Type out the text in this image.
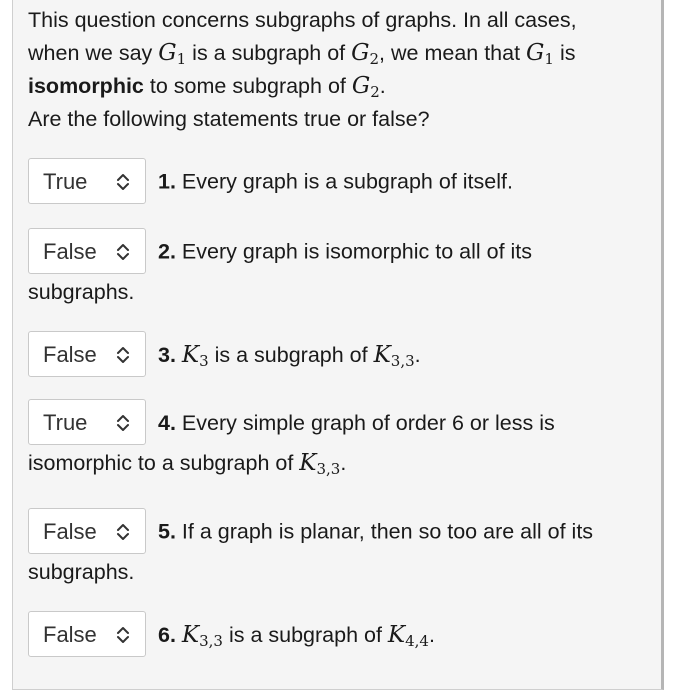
This question concerns subgraphs of graphs. In all cases,

when we say $G_1$ is a subgraph of $G_2$, we mean that $G_1$ is

isomorphic to some subgraph of $G_2$.

Are the following statements true or false?

True	1. Every graph is a subgraph of itself.

False	2. Every graph is isomorphic to all of its subgraphs.

False	3. $K_3$ is a subgraph of $K_{3,3}$.

True	4. Every simple graph of order 6 or less is isomorphic to a subgraph of $K_{3,3}$.

False	5. If a graph is planar, then so too are all of its subgraphs.

False	6. $K_{3,3}$ is a subgraph of $K_{4,4}$.
